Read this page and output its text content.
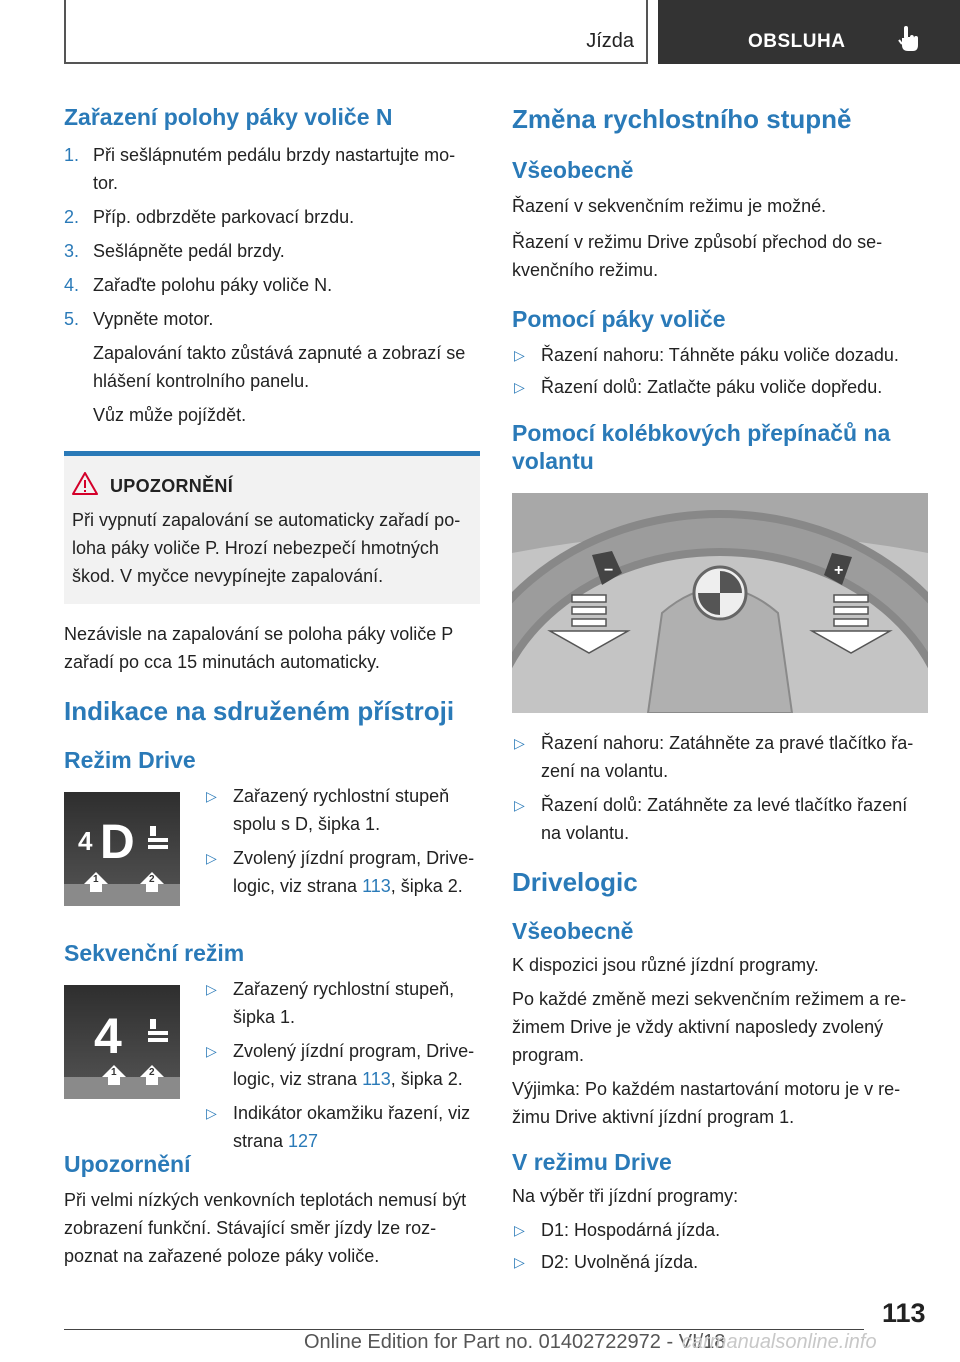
Jízda	OBSLUHA
Zařazení polohy páky voliče N
1. Při sešlápnutém pedálu brzdy nastartujte mo-tor.
2. Příp. odbrzděte parkovací brzdu.
3. Sešlápněte pedál brzdy.
4. Zařaďte polohu páky voliče N.
5. Vypněte motor.

Zapalování takto zůstává zapnuté a zobrazí se hlášení kontrolního panelu.

Vůz může pojíždět.

UPOZORNĚNÍ

Při vypnutí zapalování se automaticky zařadí po-loha páky voliče P. Hrozí nebezpečí hmotných škod. V myčce nevypínejte zapalování.

Nezávisle na zapalování se poloha páky voliče P zařadí po cca 15 minutách automaticky.

Indikace na sdruženém přístroji
Režim Drive
4 D
1	2
▷ Zařazený rychlostní stupeň spolu s D, šipka 1.
▷ Zvolený jízdní program, Drive-logic, viz strana 113, šipka 2.
Sekvenční režim
4
1	2
▷ Zařazený rychlostní stupeň, šipka 1.
▷ Zvolený jízdní program, Drive-logic, viz strana 113, šipka 2.
▷ Indikátor okamžiku řazení, viz strana 127
Upozornění

Při velmi nízkých venkovních teplotách nemusí být zobrazení funkční. Stávající směr jízdy lze roz-poznat na zařazené poloze páky voliče.

Změna rychlostního stupně
Všeobecně

Řazení v sekvenčním režimu je možné.

Řazení v režimu Drive způsobí přechod do se-kvenčního režimu.

Pomocí páky voliče
▷ Řazení nahoru: Táhněte páku voliče dozadu.
▷ Řazení dolů: Zatlačte páku voliče dopředu.
Pomocí kolébkových přepínačů na volantu
−	+
▷ Řazení nahoru: Zatáhněte za pravé tlačítko řa-zení na volantu.
▷ Řazení dolů: Zatáhněte za levé tlačítko řazení na volantu.
Drivelogic
Všeobecně

K dispozici jsou různé jízdní programy.

Po každé změně mezi sekvenčním režimem a re-žimem Drive je vždy aktivní naposledy zvolený program.

Výjimka: Po každém nastartování motoru je v re-žimu Drive aktivní jízdní program 1.

V režimu Drive

Na výběr tři jízdní programy:

▷ D1: Hospodárná jízda.
▷ D2: Uvolněná jízda.
113
Online Edition for Part no. 01402722972 - VI/18
carmanualsonline.info
